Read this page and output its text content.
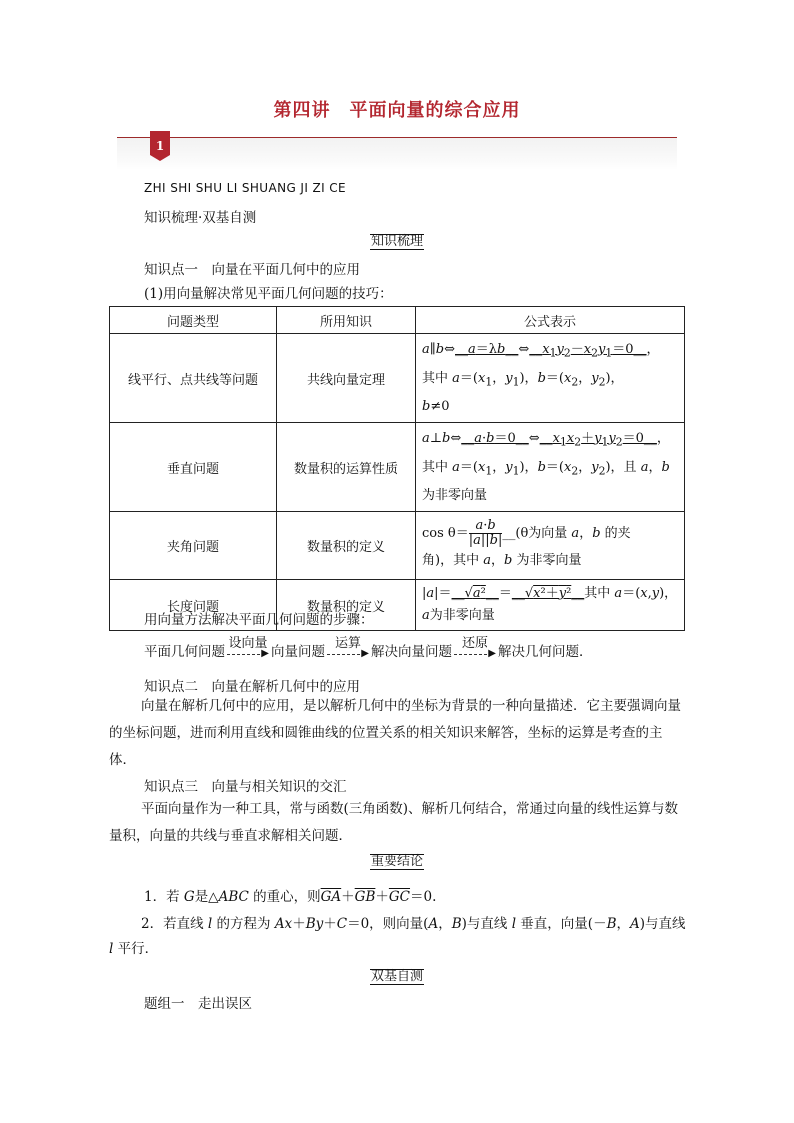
第四讲　平面向量的综合应用
1
ZHI SHI SHU LI SHUANG JI ZI CE
知识梳理·双基自测
知识梳理
知识点一　向量在平面几何中的应用
(1)用向量解决常见平面几何问题的技巧：
问题类型	所用知识	公式表示
线平行、点共线等问题	共线向量定理	$a\parallel b\Leftrightarrow\_\_a=\lambda b\_\_\Leftrightarrow\_\_x_1y_2-x_2y_1=0\_\_$，
其中 $a=(x_1$，$y_1$)，$b=(x_2$，$y_2$)，
b≠0
垂直问题	数量积的运算性质	$a\perp b\Leftrightarrow\_\_a\cdot b=0\_\_\Leftrightarrow\_\_x_1x_2+y_1y_2=0\_\_$，
其中 $a=(x_1$，$y_1$)，$b=(x_2$，$y_2$)，且 a，b
为非零向量
夹角问题	数量积的定义	$\cos \theta= \frac{a\cdot b}{|a||b|}$ __(θ为向量 a，b 的夹
角)，其中 a，b 为非零向量
长度问题	数量积的定义	|a|＝__√a²__＝__√x²＋y²__其中 a＝(x,y)，
a为非零向量
用向量方法解决平面几何问题的步骤：
平面几何问题
设向量
▶ 向量问题
运算
▶ 解决向量问题
还原
▶ 解决几何问题．
知识点二　向量在解析几何中的应用
向量在解析几何中的应用，是以解析几何中的坐标为背景的一种向量描述．它主要强调向量的坐标问题，进而利用直线和圆锥曲线的位置关系的相关知识来解答，坐标的运算是考查的主体．
知识点三　向量与相关知识的交汇
平面向量作为一种工具，常与函数(三角函数)、解析几何结合，常通过向量的线性运算与数量积，向量的共线与垂直求解相关问题．
重要结论
1．若 G是△ABC 的重心，则$\overline{GA}+\overline{GB}+\overline{GC}=0$.
2．若直线 l 的方程为 Ax＋By＋C＝0，则向量(A，B)与直线 l 垂直，向量(－B，A)与直线 l 平行．
双基自测
题组一　走出误区
